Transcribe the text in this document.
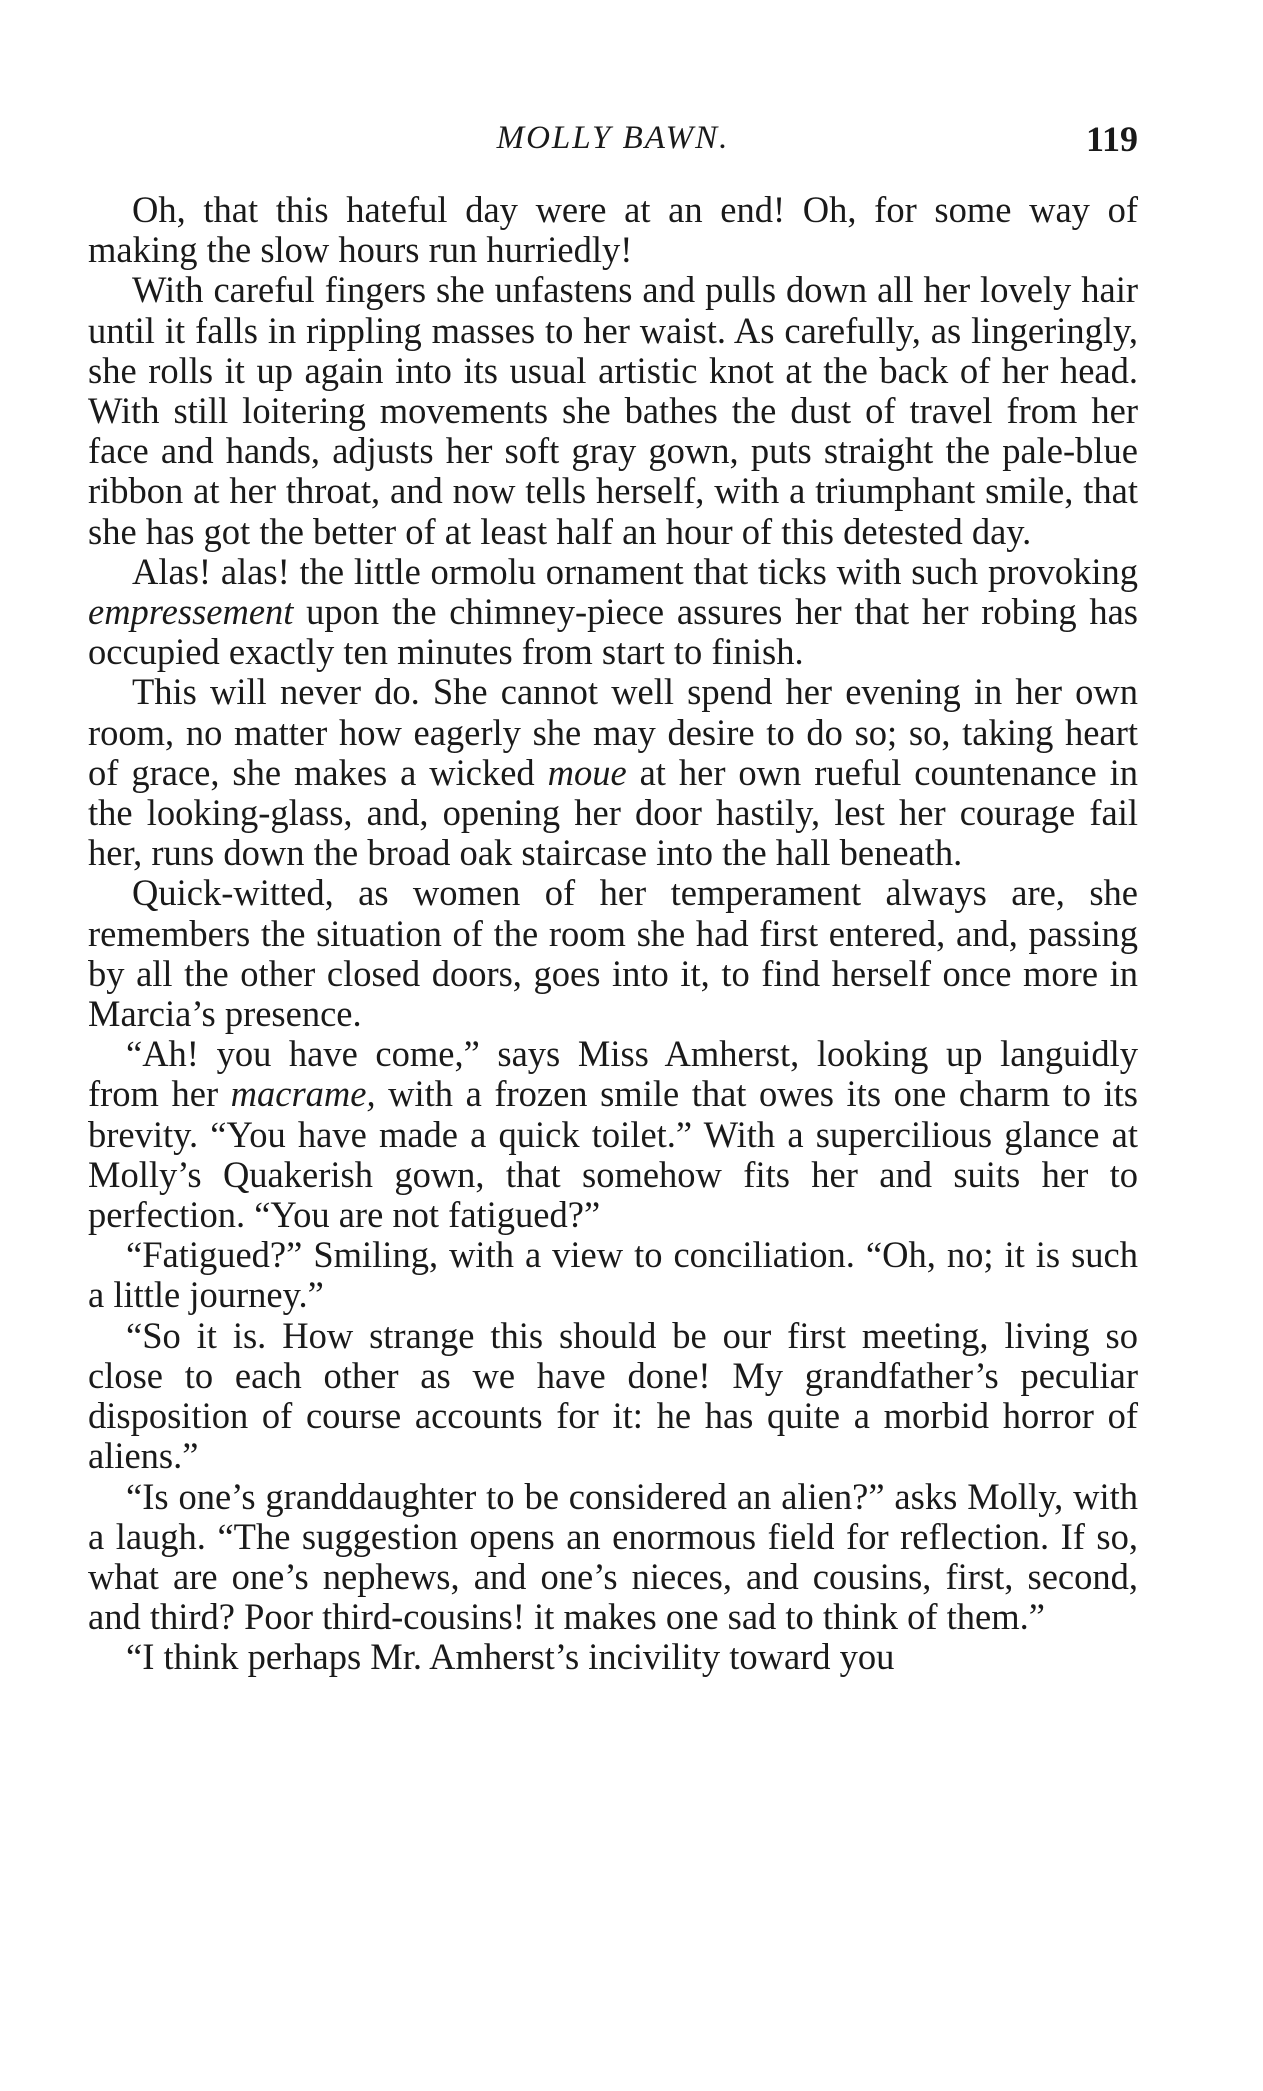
MOLLY BAWN.	119

Oh, that this hateful day were at an end! Oh, for some way of making the slow hours run hurriedly!

With careful fingers she unfastens and pulls down all her lovely hair until it falls in rippling masses to her waist. As carefully, as lingeringly, she rolls it up again into its usual artistic knot at the back of her head. With still loitering movements she bathes the dust of travel from her face and hands, adjusts her soft gray gown, puts straight the pale-blue ribbon at her throat, and now tells herself, with a triumphant smile, that she has got the better of at least half an hour of this detested day.

Alas! alas! the little ormolu ornament that ticks with such provoking empressement upon the chimney-piece assures her that her robing has occupied exactly ten minutes from start to finish.

This will never do. She cannot well spend her evening in her own room, no matter how eagerly she may desire to do so; so, taking heart of grace, she makes a wicked moue at her own rueful countenance in the looking-glass, and, opening her door hastily, lest her courage fail her, runs down the broad oak staircase into the hall beneath.

Quick-witted, as women of her temperament always are, she remembers the situation of the room she had first entered, and, passing by all the other closed doors, goes into it, to find herself once more in Marcia’s presence.

“Ah! you have come,” says Miss Amherst, looking up languidly from her macrame, with a frozen smile that owes its one charm to its brevity. “You have made a quick toilet.” With a supercilious glance at Molly’s Quakerish gown, that somehow fits her and suits her to perfection. “You are not fatigued?”

“Fatigued?” Smiling, with a view to conciliation. “Oh, no; it is such a little journey.”

“So it is. How strange this should be our first meeting, living so close to each other as we have done! My grandfather’s peculiar disposition of course accounts for it: he has quite a morbid horror of aliens.”

“Is one’s granddaughter to be considered an alien?” asks Molly, with a laugh. “The suggestion opens an enormous field for reflection. If so, what are one’s nephews, and one’s nieces, and cousins, first, second, and third? Poor third-cousins! it makes one sad to think of them.”

“I think perhaps Mr. Amherst’s incivility toward you
